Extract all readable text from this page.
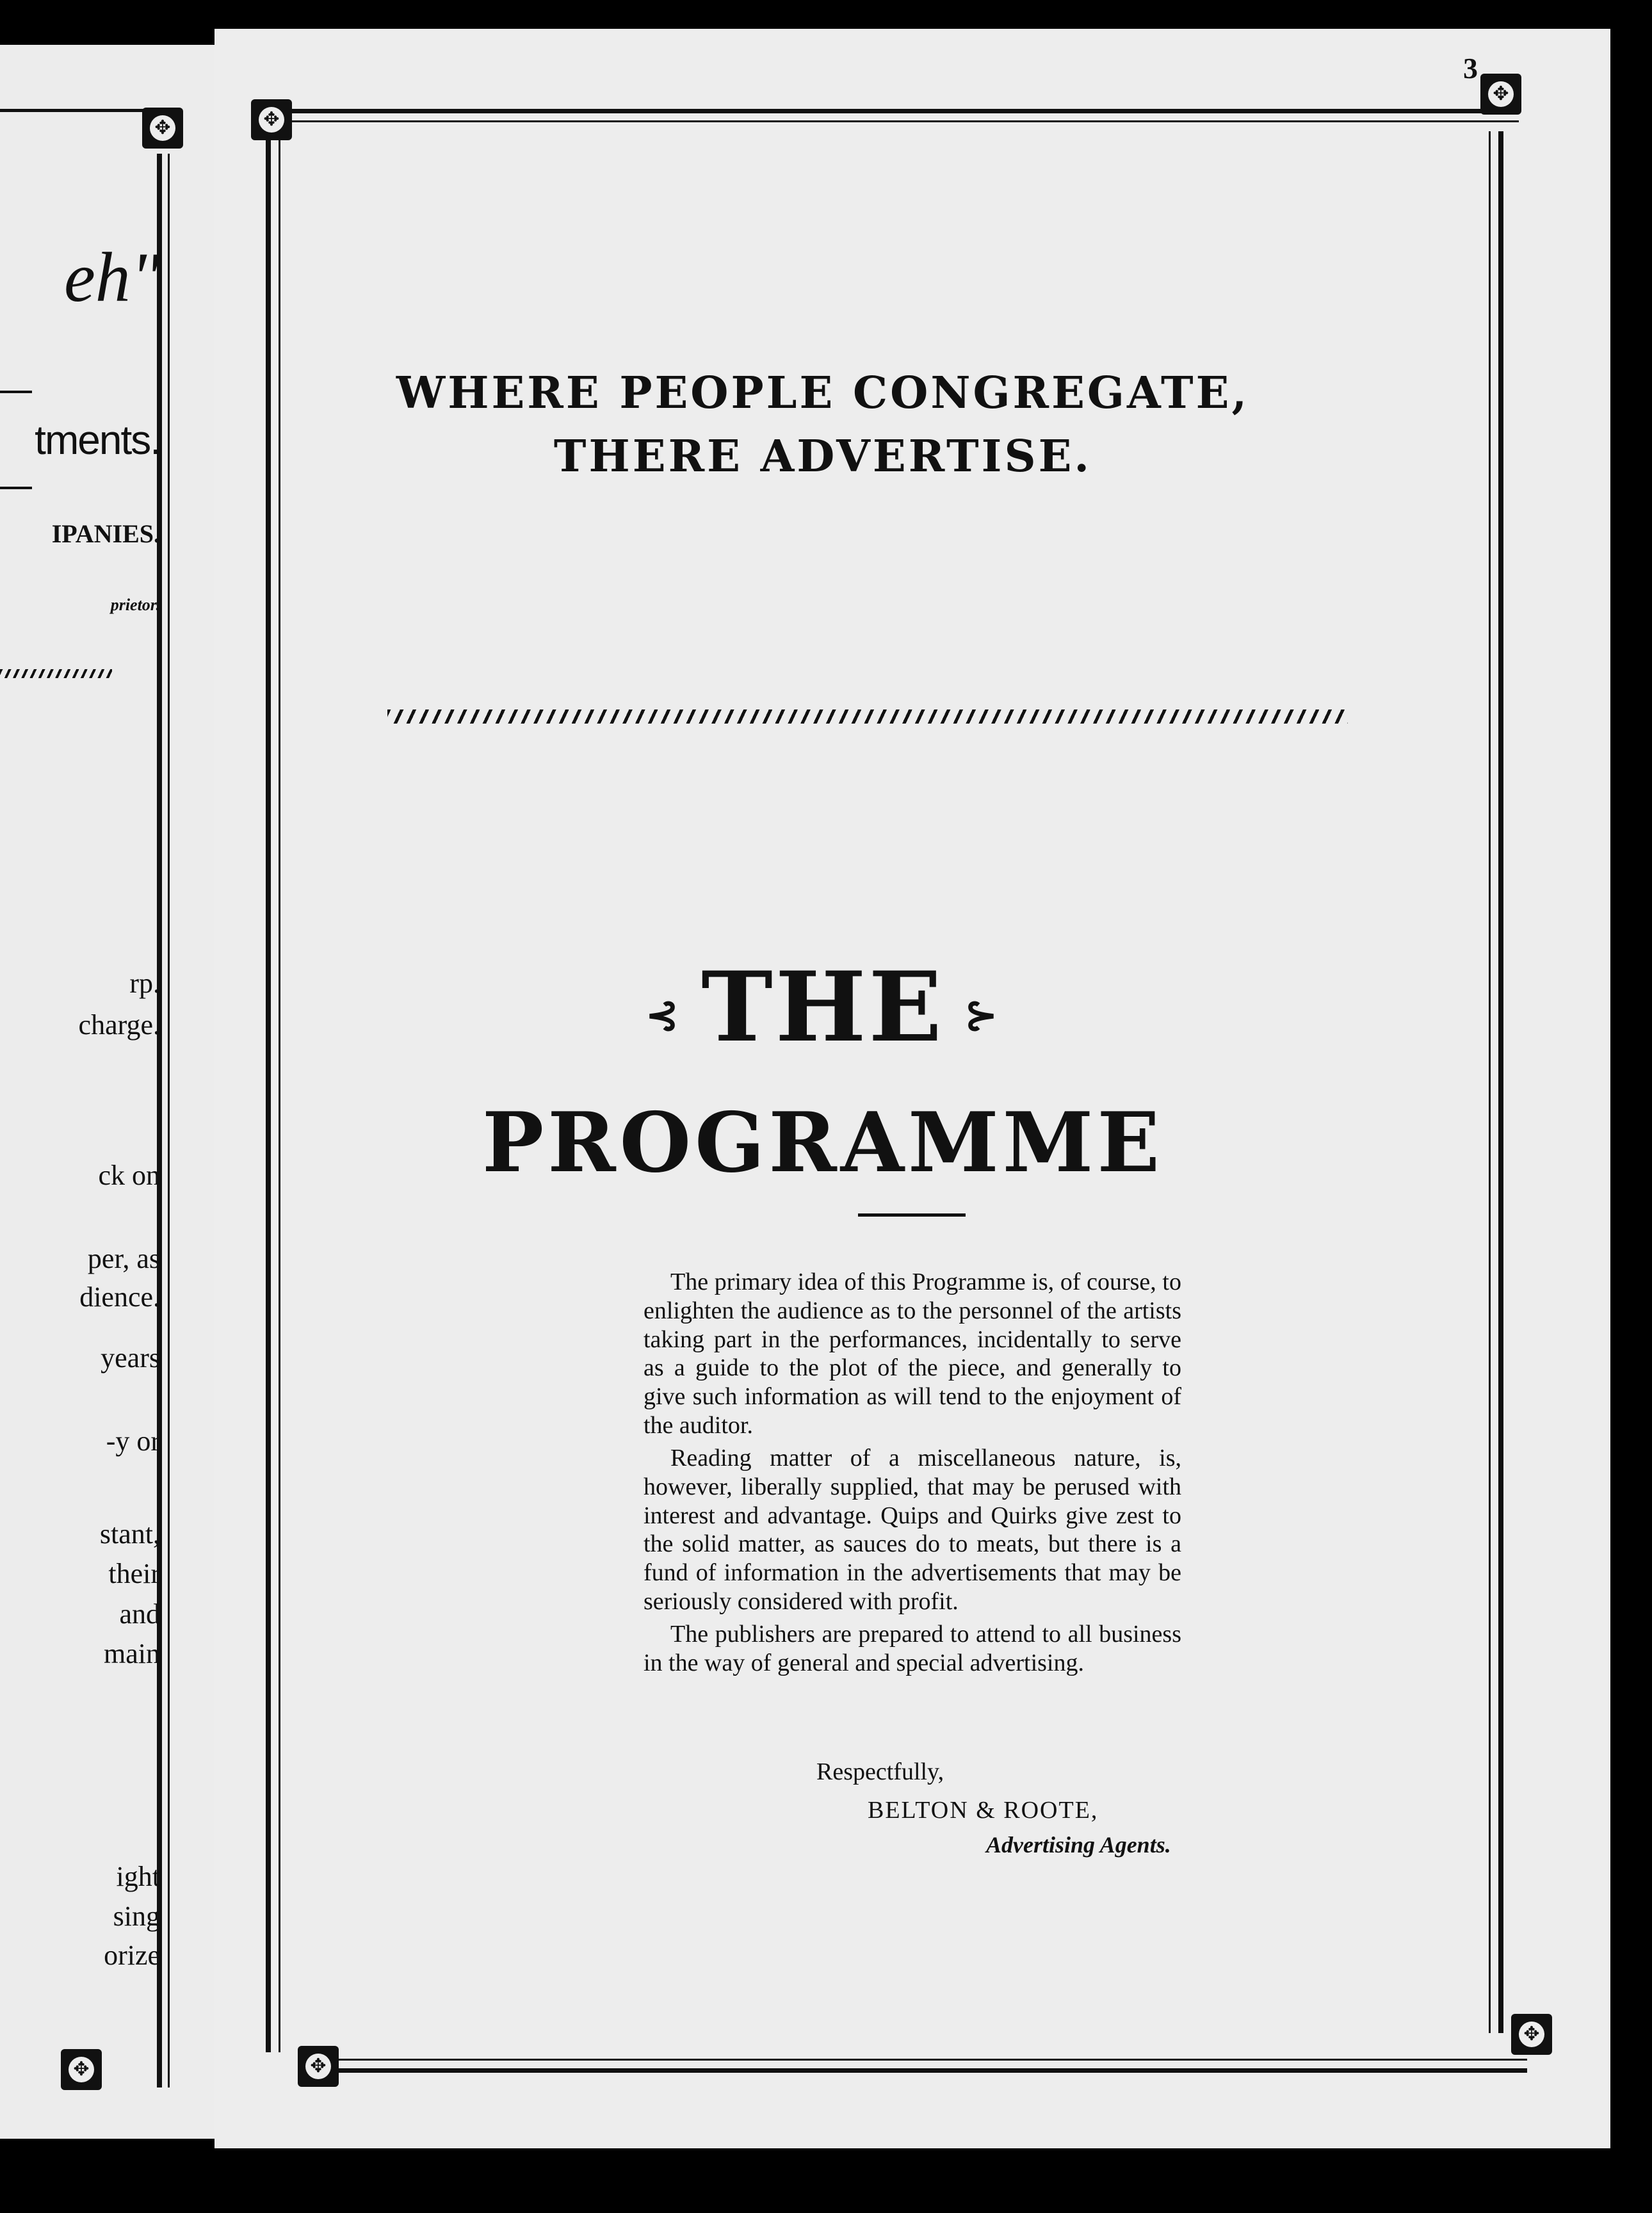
✥
✥
eh"
tments.
IPANIES.
prietor.
rp.
charge.
ck on
per, as
dience.
years
-y or
stant,
their
and
main
ight
sing
orize
3
✥
✥
✥
✥
WHERE PEOPLE CONGREGATE,
THERE ADVERTISE.
⊰ THE ⊱
PROGRAMME

The primary idea of this Programme is, of course, to enlighten the audience as to the personnel of the artists taking part in the performances, incidentally to serve as a guide to the plot of the piece, and generally to give such information as will tend to the enjoyment of the auditor.

Reading matter of a miscellaneous nature, is, however, liberally supplied, that may be perused with interest and advantage. Quips and Quirks give zest to the solid matter, as sauces do to meats, but there is a fund of information in the advertisements that may be seriously considered with profit.

The publishers are prepared to attend to all business in the way of general and special advertising.

Respectfully,
BELTON & ROOTE,
Advertising Agents.
